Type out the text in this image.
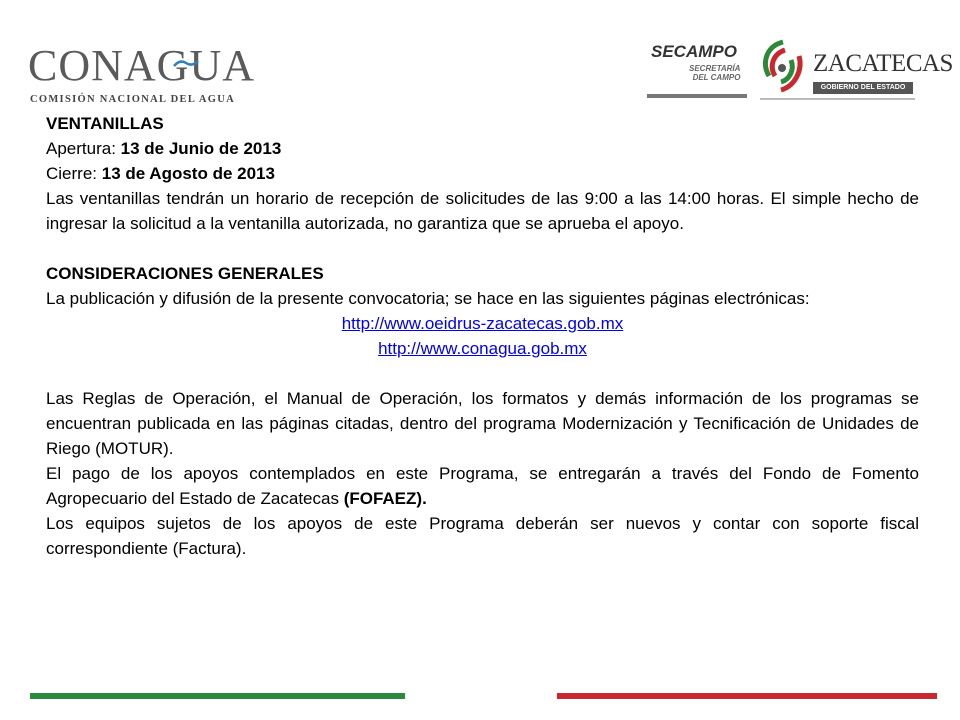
CONAGUA
COMISIÓN NACIONAL DEL AGUA
SECAMPO
SECRETARÍA
DEL CAMPO
ZACATECAS
GOBIERNO DEL ESTADO

VENTANILLAS

Apertura: 13 de Junio de 2013

Cierre: 13 de Agosto de 2013

Las ventanillas tendrán un horario de recepción de solicitudes de las 9:00 a las 14:00 horas. El simple hecho de ingresar la solicitud a la ventanilla autorizada, no garantiza que se aprueba el apoyo.

CONSIDERACIONES GENERALES

La publicación y difusión de la presente convocatoria; se hace en las siguientes páginas electrónicas:

http://www.oeidrus-zacatecas.gob.mx

http://www.conagua.gob.mx

Las Reglas de Operación, el Manual de Operación, los formatos y demás información de los programas se encuentran publicada en las páginas citadas, dentro del programa Modernización y Tecnificación de Unidades de Riego (MOTUR).

El pago de los apoyos contemplados en este Programa, se entregarán a través del Fondo de Fomento Agropecuario del Estado de Zacatecas (FOFAEZ).

Los equipos sujetos de los apoyos de este Programa deberán ser nuevos y contar con soporte fiscal correspondiente (Factura).
